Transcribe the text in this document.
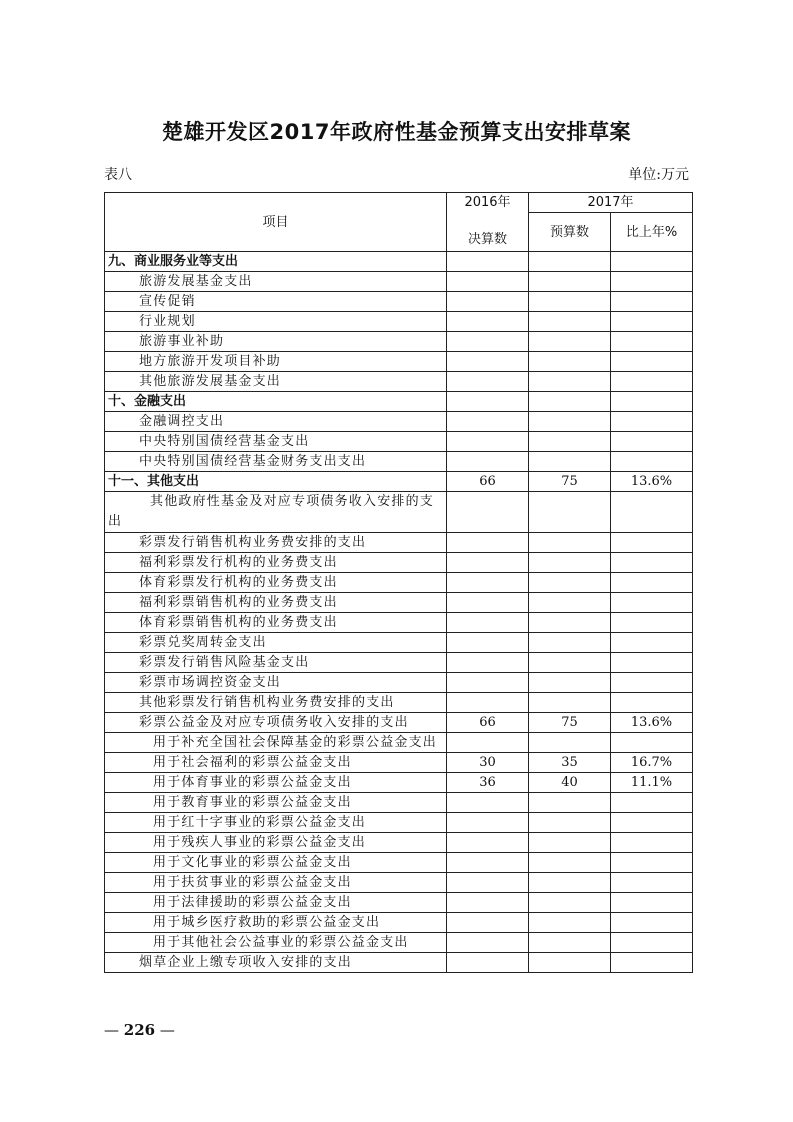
楚雄开发区2017年政府性基金预算支出安排草案
表八	单位:万元
项目	2016年	2017年	
	决算数	预算数	比上年%
九、商业服务业等支出			
旅游发展基金支出			
宣传促销			
行业规划			
旅游事业补助			
地方旅游开发项目补助			
其他旅游发展基金支出			
十、金融支出			
金融调控支出			
中央特别国债经营基金支出			
中央特别国债经营基金财务支出支出			
十一、其他支出	66	75	13.6%
其他政府性基金及对应专项债务收入安排的支出			
彩票发行销售机构业务费安排的支出			
福利彩票发行机构的业务费支出			
体育彩票发行机构的业务费支出			
福利彩票销售机构的业务费支出			
体育彩票销售机构的业务费支出			
彩票兑奖周转金支出			
彩票发行销售风险基金支出			
彩票市场调控资金支出			
其他彩票发行销售机构业务费安排的支出			
彩票公益金及对应专项债务收入安排的支出	66	75	13.6%
用于补充全国社会保障基金的彩票公益金支出			
用于社会福利的彩票公益金支出	30	35	16.7%
用于体育事业的彩票公益金支出	36	40	11.1%
用于教育事业的彩票公益金支出			
用于红十字事业的彩票公益金支出			
用于残疾人事业的彩票公益金支出			
用于文化事业的彩票公益金支出			
用于扶贫事业的彩票公益金支出			
用于法律援助的彩票公益金支出			
用于城乡医疗救助的彩票公益金支出			
用于其他社会公益事业的彩票公益金支出			
烟草企业上缴专项收入安排的支出			
— 226 —
